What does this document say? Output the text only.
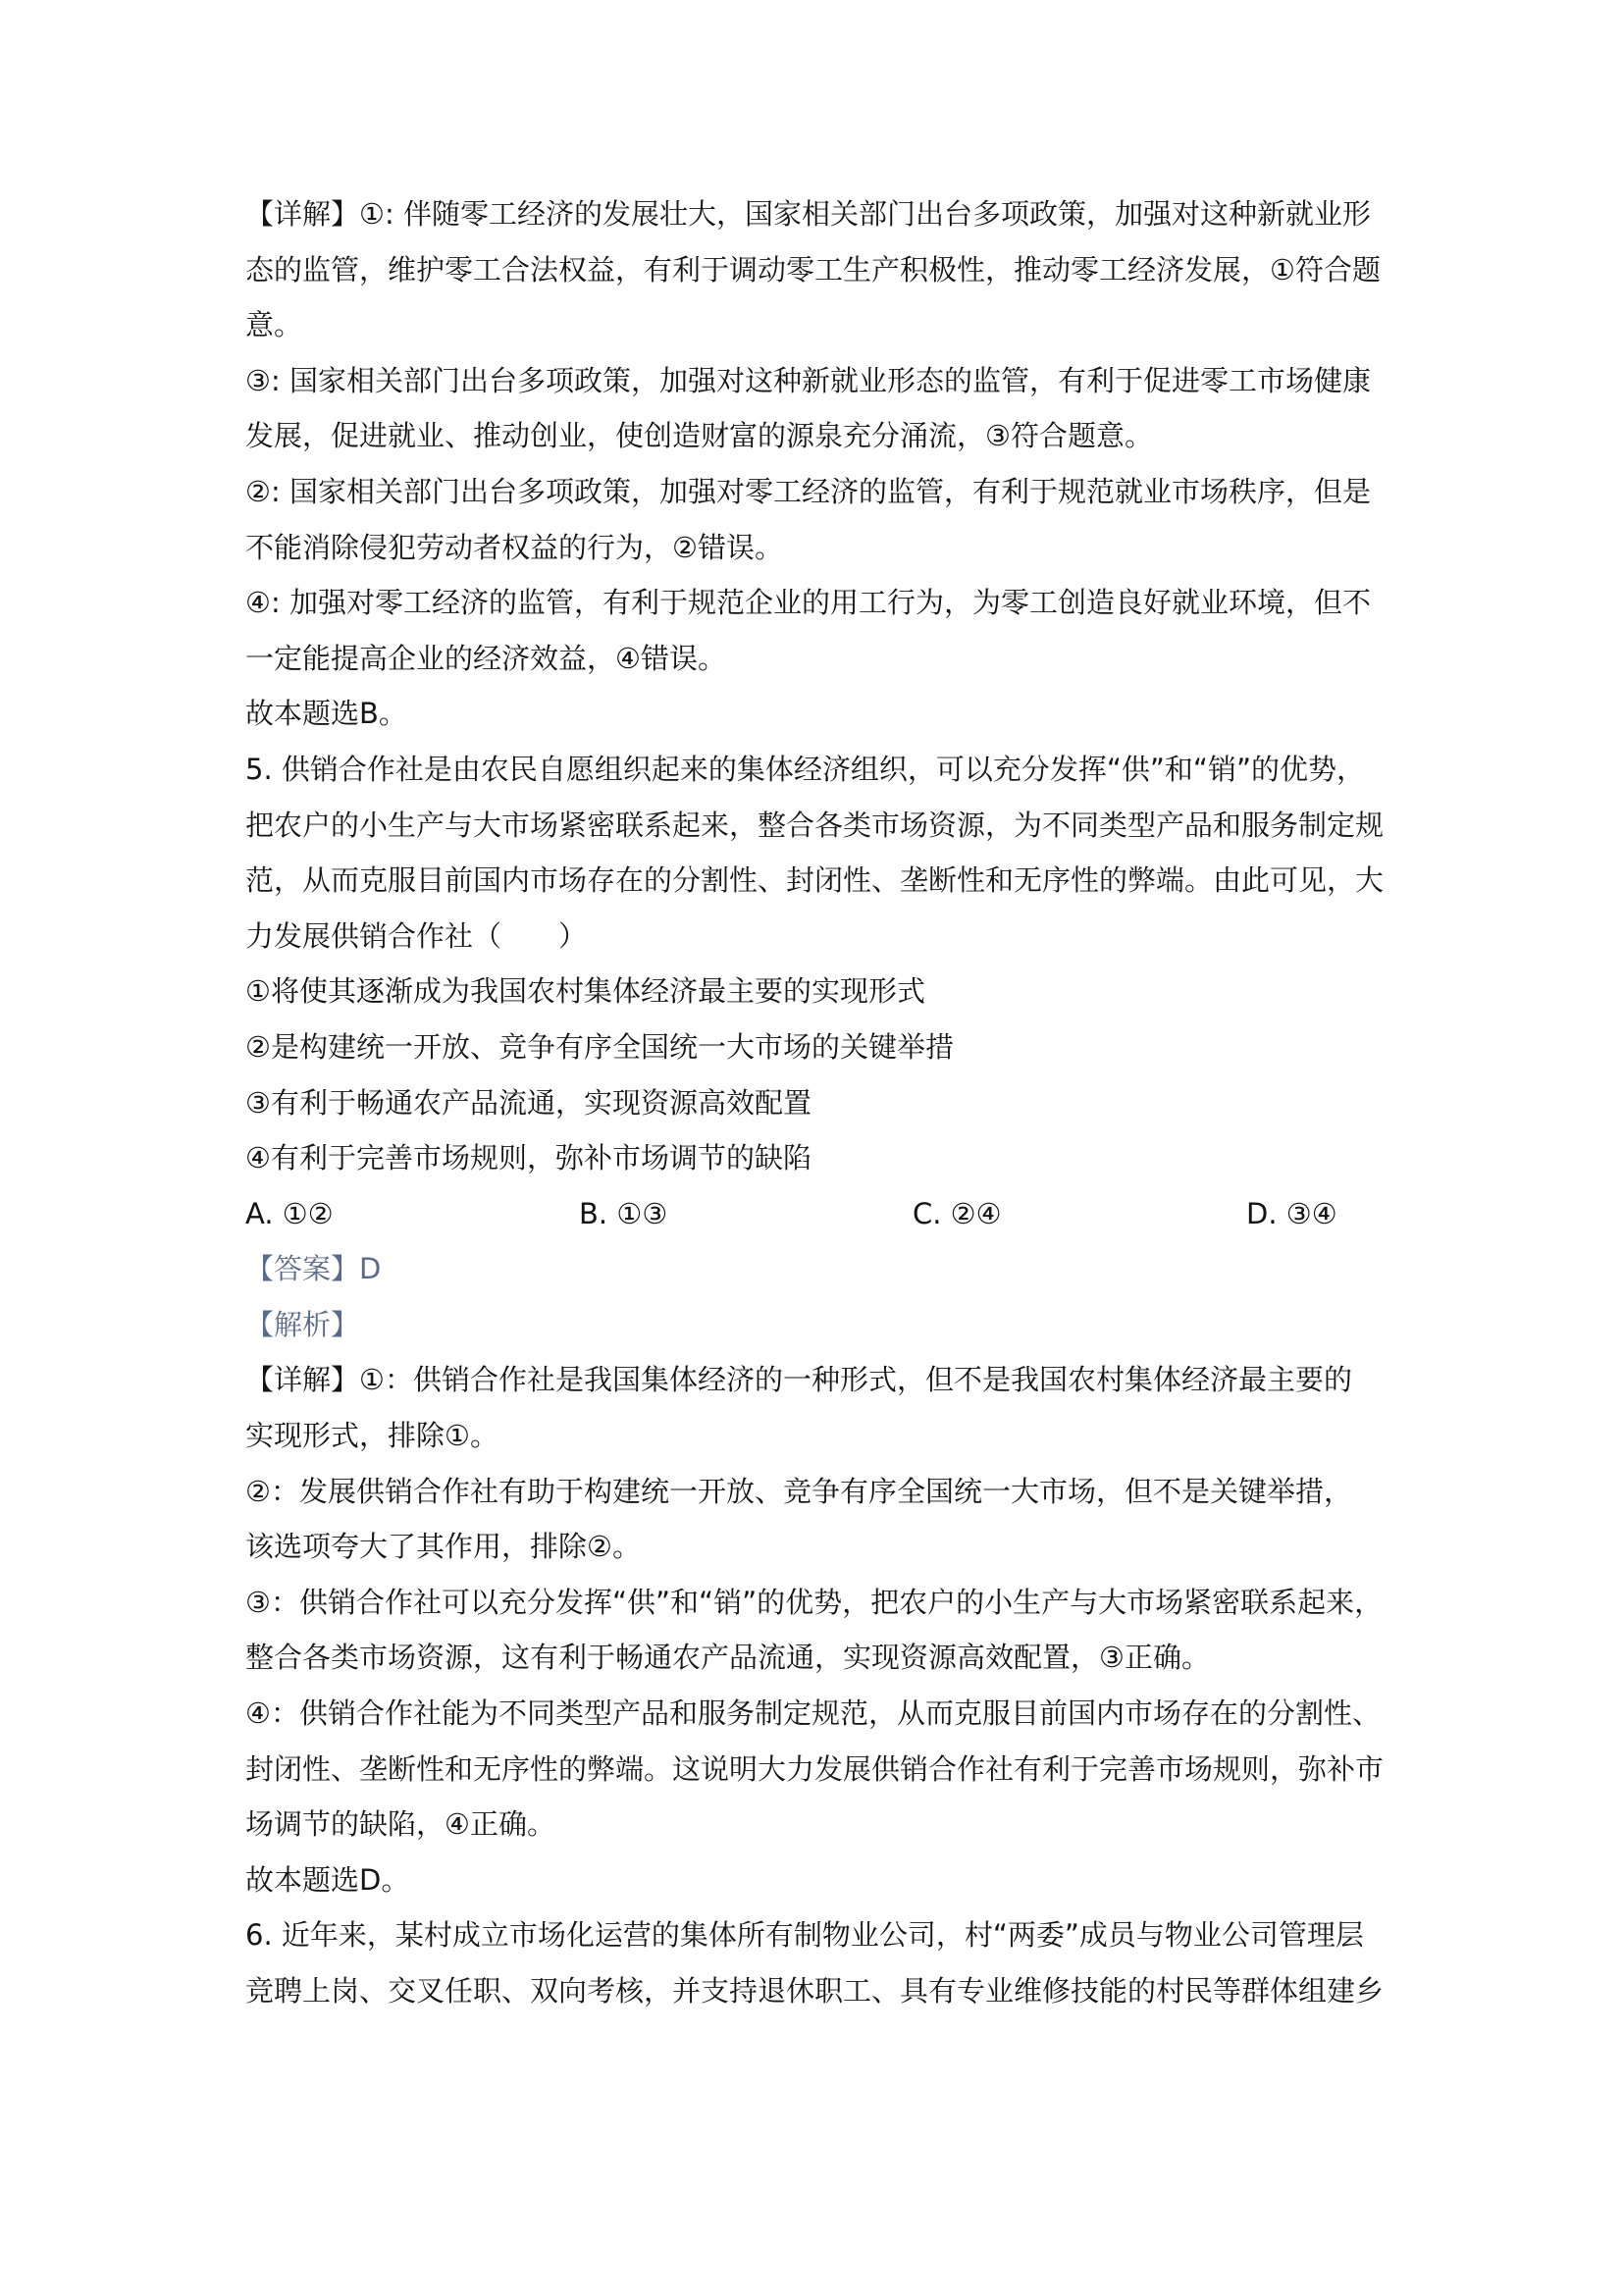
【详解】①: 伴随零工经济的发展壮大，国家相关部门出台多项政策，加强对这种新就业形
态的监管，维护零工合法权益，有利于调动零工生产积极性，推动零工经济发展，①符合题
意。
③: 国家相关部门出台多项政策，加强对这种新就业形态的监管，有利于促进零工市场健康
发展，促进就业、推动创业，使创造财富的源泉充分涌流，③符合题意。
②: 国家相关部门出台多项政策，加强对零工经济的监管，有利于规范就业市场秩序，但是
不能消除侵犯劳动者权益的行为，②错误。
④: 加强对零工经济的监管，有利于规范企业的用工行为，为零工创造良好就业环境，但不
一定能提高企业的经济效益，④错误。
故本题选B。
5. 供销合作社是由农民自愿组织起来的集体经济组织，可以充分发挥“供”和“销”的优势，
把农户的小生产与大市场紧密联系起来，整合各类市场资源，为不同类型产品和服务制定规
范，从而克服目前国内市场存在的分割性、封闭性、垄断性和无序性的弊端。由此可见，大
力发展供销合作社（　　）
①将使其逐渐成为我国农村集体经济最主要的实现形式
②是构建统一开放、竞争有序全国统一大市场的关键举措
③有利于畅通农产品流通，实现资源高效配置
④有利于完善市场规则，弥补市场调节的缺陷
A. ①②	B. ①③	C. ②④	D. ③④
【答案】D
【解析】
【详解】①：供销合作社是我国集体经济的一种形式，但不是我国农村集体经济最主要的
实现形式，排除①。
②：发展供销合作社有助于构建统一开放、竞争有序全国统一大市场，但不是关键举措，
该选项夸大了其作用，排除②。
③：供销合作社可以充分发挥“供”和“销”的优势，把农户的小生产与大市场紧密联系起来，
整合各类市场资源，这有利于畅通农产品流通，实现资源高效配置，③正确。
④：供销合作社能为不同类型产品和服务制定规范，从而克服目前国内市场存在的分割性、
封闭性、垄断性和无序性的弊端。这说明大力发展供销合作社有利于完善市场规则，弥补市
场调节的缺陷，④正确。
故本题选D。
6. 近年来，某村成立市场化运营的集体所有制物业公司，村“两委”成员与物业公司管理层
竞聘上岗、交叉任职、双向考核，并支持退休职工、具有专业维修技能的村民等群体组建乡
